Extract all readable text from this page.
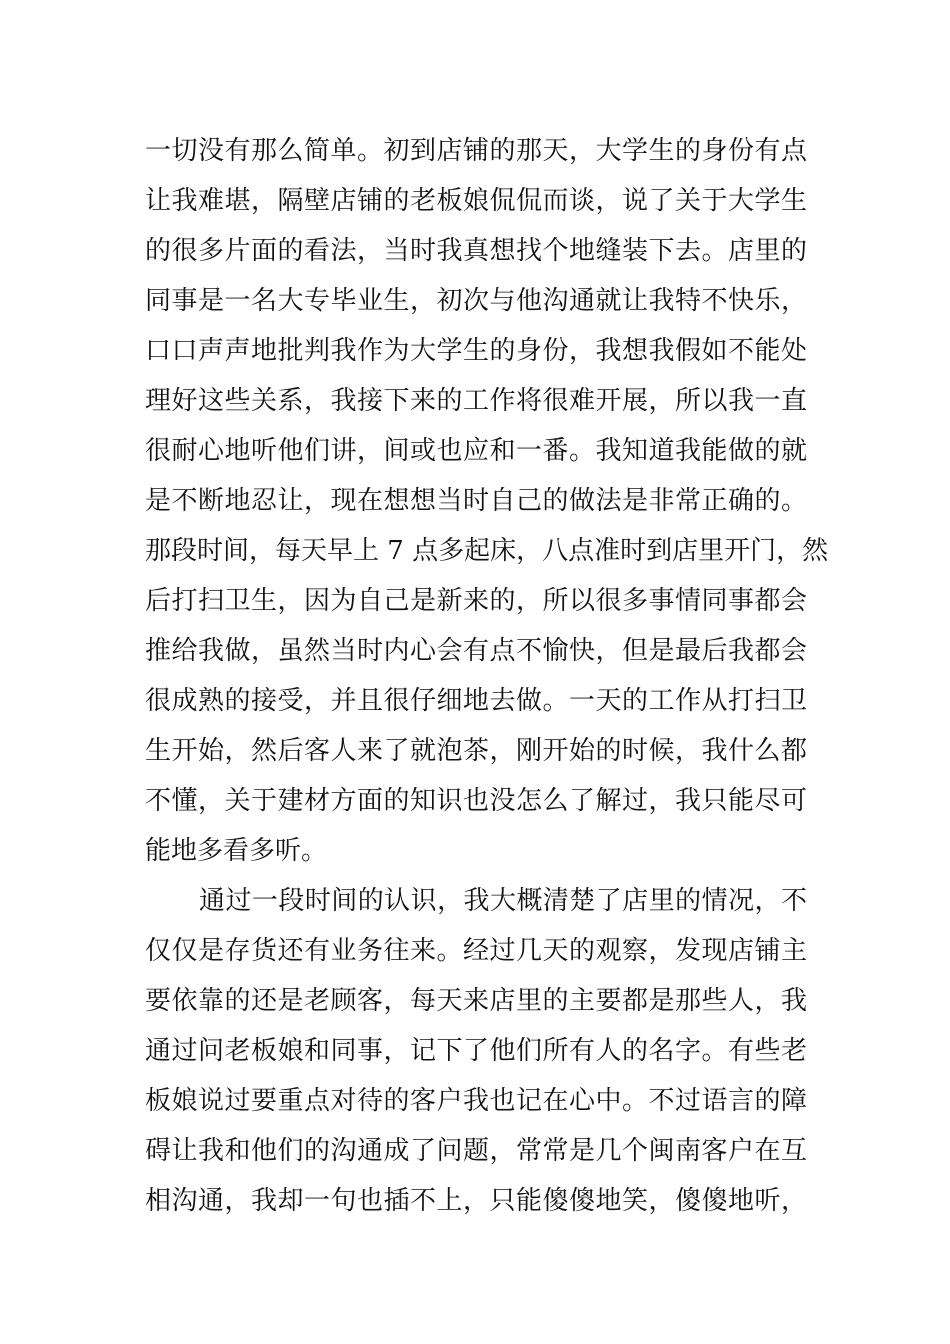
一切没有那么简单。初到店铺的那天，大学生的身份有点
让我难堪，隔壁店铺的老板娘侃侃而谈，说了关于大学生
的很多片面的看法，当时我真想找个地缝装下去。店里的
同事是一名大专毕业生，初次与他沟通就让我特不快乐，
口口声声地批判我作为大学生的身份，我想我假如不能处
理好这些关系，我接下来的工作将很难开展，所以我一直
很耐心地听他们讲，间或也应和一番。我知道我能做的就
是不断地忍让，现在想想当时自己的做法是非常正确的。
那段时间，每天早上 7 点多起床，八点准时到店里开门，然
后打扫卫生，因为自己是新来的，所以很多事情同事都会
推给我做，虽然当时内心会有点不愉快，但是最后我都会
很成熟的接受，并且很仔细地去做。一天的工作从打扫卫
生开始，然后客人来了就泡茶，刚开始的时候，我什么都
不懂，关于建材方面的知识也没怎么了解过，我只能尽可
能地多看多听。
通过一段时间的认识，我大概清楚了店里的情况，不
仅仅是存货还有业务往来。经过几天的观察，发现店铺主
要依靠的还是老顾客，每天来店里的主要都是那些人，我
通过问老板娘和同事，记下了他们所有人的名字。有些老
板娘说过要重点对待的客户我也记在心中。不过语言的障
碍让我和他们的沟通成了问题，常常是几个闽南客户在互
相沟通，我却一句也插不上，只能傻傻地笑，傻傻地听，
